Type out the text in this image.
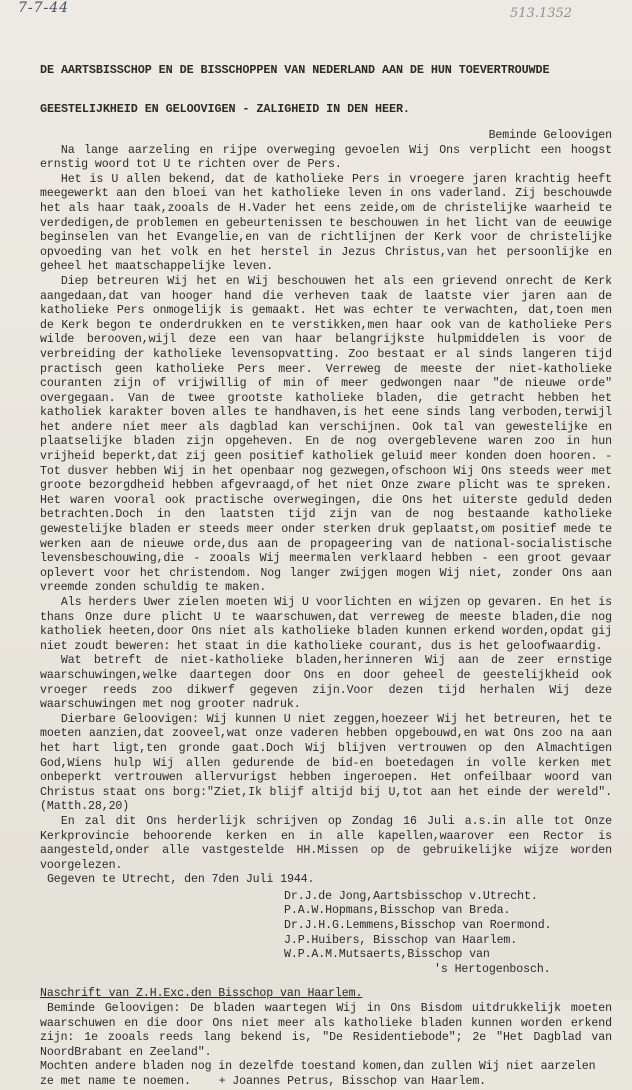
7-7-44	513.1352

DE AARTSBISSCHOP EN DE BISSCHOPPEN VAN NEDERLAND AAN DE HUN TOEVERTROUWDE

GEESTELIJKHEID EN GELOOVIGEN - ZALIGHEID IN DEN HEER.

Beminde Geloovigen

Na lange aarzeling en rijpe overweging gevoelen Wij Ons verplicht een hoogst ernstig woord tot U te richten over de Pers.

Het is U allen bekend, dat de katholieke Pers in vroegere jaren krachtig heeft meegewerkt aan den bloei van het katholieke leven in ons vaderland. Zij beschouwde het als haar taak,zooals de H.Vader het eens zeide,om de christelijke waarheid te verdedigen,de problemen en gebeurtenissen te beschouwen in het licht van de eeuwige beginselen van het Evangelie,en van de richtlijnen der Kerk voor de christelijke opvoeding van het volk en het herstel in Jezus Christus,van het persoonlijke en geheel het maatschappelijke leven.

Diep betreuren Wij het en Wij beschouwen het als een grievend onrecht de Kerk aangedaan,dat van hooger hand die verheven taak de laatste vier jaren aan de katholieke Pers onmogelijk is gemaakt. Het was echter te verwachten, dat,toen men de Kerk begon te onderdrukken en te verstikken,men haar ook van de katholieke Pers wilde berooven,wijl deze een van haar belangrijkste hulpmiddelen is voor de verbreiding der katholieke levensopvatting. Zoo bestaat er al sinds langeren tijd practisch geen katholieke Pers meer. Verreweg de meeste der niet-katholieke couranten zijn of vrijwillig of min of meer gedwongen naar "de nieuwe orde" overgegaan. Van de twee grootste katholieke bladen, die getracht hebben het katholiek karakter boven alles te handhaven,is het eene sinds lang verboden,terwijl het andere niet meer als dagblad kan verschijnen. Ook tal van gewestelijke en plaatselijke bladen zijn opgeheven. En de nog overgeblevene waren zoo in hun vrijheid beperkt,dat zij geen positief katholiek geluid meer konden doen hooren. - Tot dusver hebben Wij in het openbaar nog gezwegen,ofschoon Wij Ons steeds weer met groote bezorgdheid hebben afgevraagd,of het niet Onze zware plicht was te spreken. Het waren vooral ook practische overwegingen, die Ons het uiterste geduld deden betrachten.Doch in den laatsten tijd zijn van de nog bestaande katholieke gewestelijke bladen er steeds meer onder sterken druk geplaatst,om positief mede te werken aan de nieuwe orde,dus aan de propageering van de national-socialistische levensbeschouwing,die - zooals Wij meermalen verklaard hebben - een groot gevaar oplevert voor het christendom. Nog langer zwijgen mogen Wij niet, zonder Ons aan vreemde zonden schuldig te maken.

Als herders Uwer zielen moeten Wij U voorlichten en wijzen op gevaren. En het is thans Onze dure plicht U te waarschuwen,dat verreweg de meeste bladen,die nog katholiek heeten,door Ons niet als katholieke bladen kunnen erkend worden,opdat gij niet zoudt beweren: het staat in die katholieke courant, dus is het geloofwaardig.

Wat betreft de niet-katholieke bladen,herinneren Wij aan de zeer ernstige waarschuwingen,welke daartegen door Ons en door geheel de geestelijkheid ook vroeger reeds zoo dikwerf gegeven zijn.Voor dezen tijd herhalen Wij deze waarschuwingen met nog grooter nadruk.

Dierbare Geloovigen: Wij kunnen U niet zeggen,hoezeer Wij het betreuren, het te moeten aanzien,dat zooveel,wat onze vaderen hebben opgebouwd,en wat Ons zoo na aan het hart ligt,ten gronde gaat.Doch Wij blijven vertrouwen op den Almachtigen God,Wiens hulp Wij allen gedurende de bid-en boetedagen in volle kerken met onbeperkt vertrouwen allervurigst hebben ingeroepen. Het onfeilbaar woord van Christus staat ons borg:"Ziet,Ik blijf altijd bij U,tot aan het einde der wereld".(Matth.28,20)

En zal dit Ons herderlijk schrijven op Zondag 16 Juli a.s.in alle tot Onze Kerkprovincie behoorende kerken en in alle kapellen,waarover een Rector is aangesteld,onder alle vastgestelde HH.Missen op de gebruikelijke wijze worden voorgelezen.

Gegeven te Utrecht, den 7den Juli 1944.

Dr.J.de Jong,Aartsbisschop v.Utrecht.
P.A.W.Hopmans,Bisschop van Breda.
Dr.J.H.G.Lemmens,Bisschop van Roermond.
J.P.Huibers, Bisschop van Haarlem.
W.P.A.M.Mutsaerts,Bisschop van
's Hertogenbosch.
Naschrift van Z.H.Exc.den Bisschop van Haarlem.

Beminde Geloovigen: De bladen waartegen Wij in Ons Bisdom uitdrukkelijk moeten waarschuwen en die door Ons niet meer als katholieke bladen kunnen worden erkend zijn: 1e zooals reeds lang bekend is, "De Residentiebode"; 2e "Het Dagblad van NoordBrabant en Zeeland".

Mochten andere bladen nog in dezelfde toestand komen,dan zullen Wij niet aarzelen ze met name te noemen. + Joannes Petrus, Bisschop van Haarlem.
